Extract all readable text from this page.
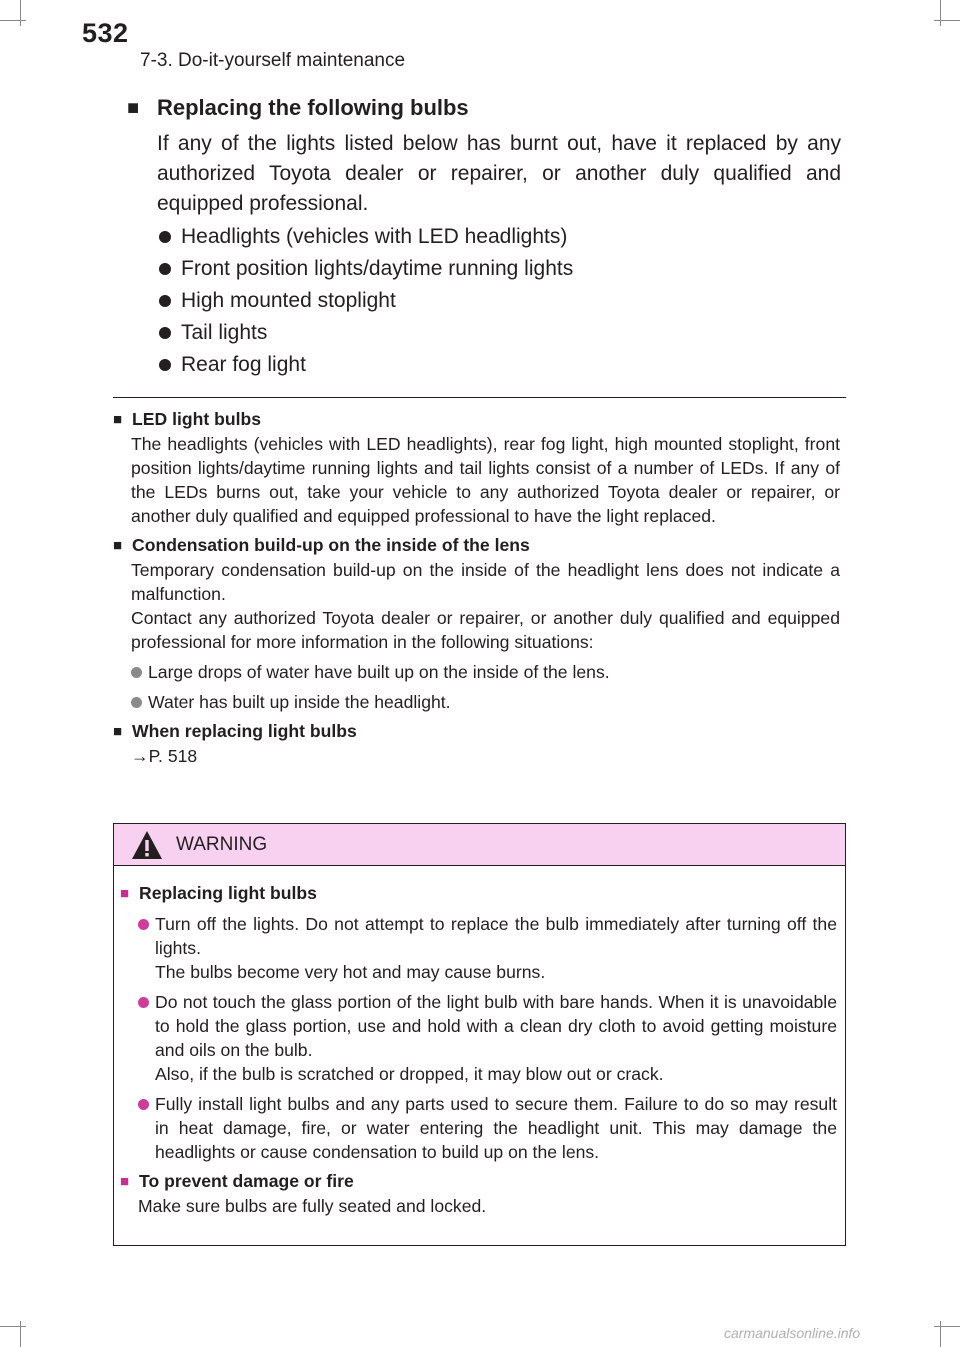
532
7-3. Do-it-yourself maintenance
■ Replacing the following bulbs

If any of the lights listed below has burnt out, have it replaced by any authorized Toyota dealer or repairer, or another duly qualified and equipped professional.

Headlights (vehicles with LED headlights)
Front position lights/daytime running lights
High mounted stoplight
Tail lights
Rear fog light
■ LED light bulbs

The headlights (vehicles with LED headlights), rear fog light, high mounted stoplight, front position lights/daytime running lights and tail lights consist of a number of LEDs. If any of the LEDs burns out, take your vehicle to any authorized Toyota dealer or repairer, or another duly qualified and equipped professional to have the light replaced.

■ Condensation build-up on the inside of the lens

Temporary condensation build-up on the inside of the headlight lens does not indicate a malfunction.

Contact any authorized Toyota dealer or repairer, or another duly qualified and equipped professional for more information in the following situations:

Large drops of water have built up on the inside of the lens.
Water has built up inside the headlight.
■ When replacing light bulbs

→P. 518

WARNING
■ Replacing light bulbs
Turn off the lights. Do not attempt to replace the bulb immediately after turning off the lights.
The bulbs become very hot and may cause burns.
Do not touch the glass portion of the light bulb with bare hands. When it is unavoidable to hold the glass portion, use and hold with a clean dry cloth to avoid getting moisture and oils on the bulb.
Also, if the bulb is scratched or dropped, it may blow out or crack.
Fully install light bulbs and any parts used to secure them. Failure to do so may result in heat damage, fire, or water entering the headlight unit. This may damage the headlights or cause condensation to build up on the lens.
■ To prevent damage or fire

Make sure bulbs are fully seated and locked.

carmanualsonline.info
